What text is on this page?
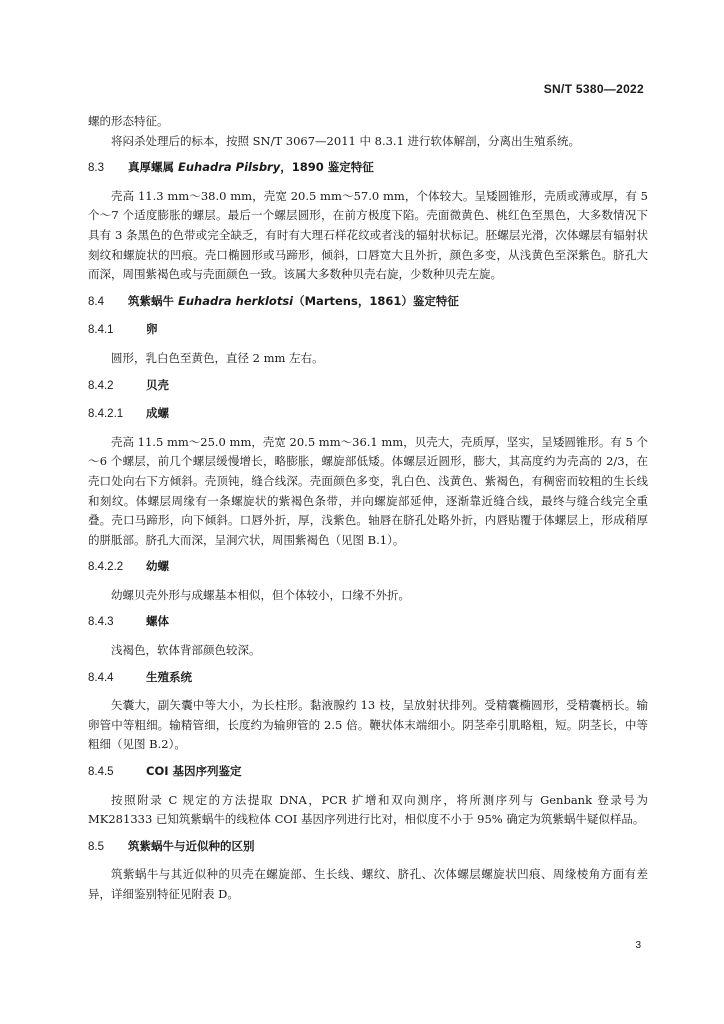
SN/T 5380—2022

螺的形态特征。

将闷杀处理后的标本，按照 SN/T 3067—2011 中 8.3.1 进行软体解剖，分离出生殖系统。

8.3	真厚螺属 Euhadra Pilsbry，1890 鉴定特征

壳高 11.3 mm～38.0 mm，壳宽 20.5 mm～57.0 mm，个体较大。呈矮圆锥形，壳质或薄或厚，有 5 个～7 个适度膨胀的螺层。最后一个螺层圆形，在前方极度下陷。壳面微黄色、桃红色至黑色，大多数情况下具有 3 条黑色的色带或完全缺乏，有时有大理石样花纹或者浅的辐射状标记。胚螺层光滑，次体螺层有辐射状刻纹和螺旋状的凹痕。壳口椭圆形或马蹄形，倾斜，口唇宽大且外折，颜色多变，从浅黄色至深紫色。脐孔大而深，周围紫褐色或与壳面颜色一致。该属大多数种贝壳右旋，少数种贝壳左旋。

8.4	筑紫蜗牛 Euhadra herklotsi（Martens，1861）鉴定特征
8.4.1	卵

圆形，乳白色至黄色，直径 2 mm 左右。

8.4.2	贝壳
8.4.2.1	成螺

壳高 11.5 mm～25.0 mm，壳宽 20.5 mm～36.1 mm，贝壳大，壳质厚，坚实，呈矮圆锥形。有 5 个～6 个螺层，前几个螺层缓慢增长，略膨胀，螺旋部低矮。体螺层近圆形，膨大，其高度约为壳高的 2/3，在壳口处向右下方倾斜。壳顶钝，缝合线深。壳面颜色多变，乳白色、浅黄色、紫褐色，有稠密而较粗的生长线和刻纹。体螺层周缘有一条螺旋状的紫褐色条带，并向螺旋部延伸，逐渐靠近缝合线，最终与缝合线完全重叠。壳口马蹄形，向下倾斜。口唇外折，厚，浅紫色。轴唇在脐孔处略外折，内唇贴覆于体螺层上，形成稍厚的胼胝部。脐孔大而深，呈洞穴状，周围紫褐色（见图 B.1）。

8.4.2.2	幼螺

幼螺贝壳外形与成螺基本相似，但个体较小，口缘不外折。

8.4.3	螺体

浅褐色，软体背部颜色较深。

8.4.4	生殖系统

矢囊大，副矢囊中等大小，为长柱形。黏液腺约 13 枝，呈放射状排列。受精囊椭圆形，受精囊柄长。输卵管中等粗细。输精管细，长度约为输卵管的 2.5 倍。鞭状体末端细小。阴茎牵引肌略粗，短。阴茎长，中等粗细（见图 B.2）。

8.4.5	COI 基因序列鉴定

按照附录 C 规定的方法提取 DNA，PCR 扩增和双向测序，将所测序列与 Genbank 登录号为 MK281333 已知筑紫蜗牛的线粒体 COI 基因序列进行比对，相似度不小于 95% 确定为筑紫蜗牛疑似样品。

8.5	筑紫蜗牛与近似种的区别

筑紫蜗牛与其近似种的贝壳在螺旋部、生长线、螺纹、脐孔、次体螺层螺旋状凹痕、周缘棱角方面有差异，详细鉴别特征见附表 D。

3
